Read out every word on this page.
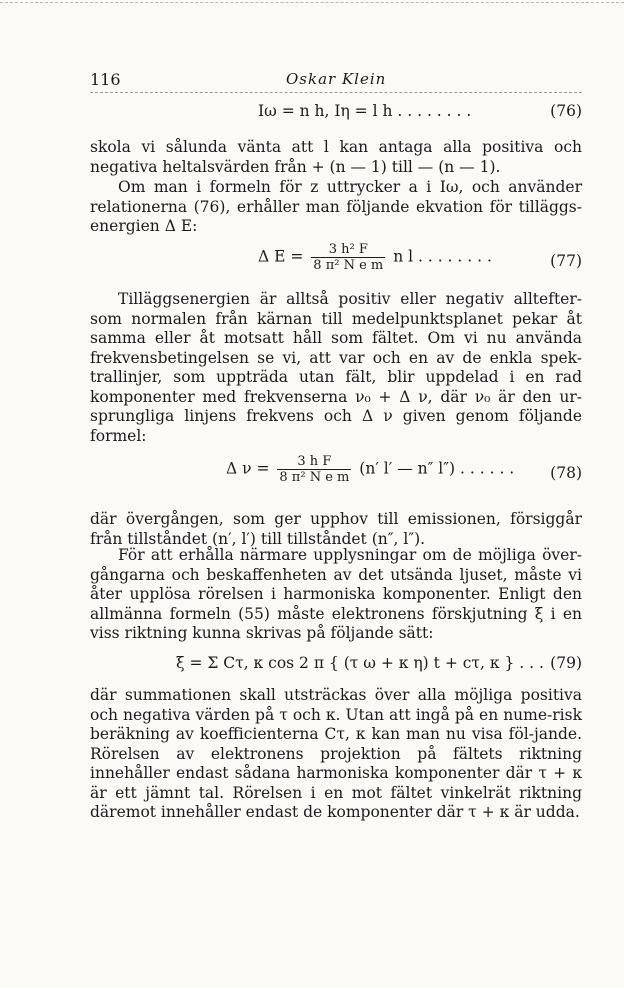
116	Oskar Klein
Iω = n h, Iη = l h . . . . . . . .	(76)
skola vi sålunda vänta att l kan antaga alla positiva och negativa heltalsvärden från + (n — 1) till — (n — 1).
Om man i formeln för z uttrycker a i Iω, och använder relationerna (76), erhåller man följande ekvation för tilläggs-energien Δ E:
Δ $E = \frac{\text{3 h² F}}{\text{8 π² N e m}}$ n l . . . . . . . .	(77)
Tilläggsenergien är alltså positiv eller negativ alltefter-som normalen från kärnan till medelpunktsplanet pekar åt samma eller åt motsatt håll som fältet. Om vi nu använda frekvensbetingelsen se vi, att var och en av de enkla spek-trallinjer, som uppträda utan fält, blir uppdelad i en rad komponenter med frekvenserna ν₀ + Δ ν, där ν₀ är den ur-sprungliga linjens frekvens och Δ ν given genom följande formel:
Δ $\nu = \frac{\text{3 h F}}{\text{8 π² N e m}} (n'$ l′ — n″ l″) . . . . . . (78)
där övergången, som ger upphov till emissionen, försiggår från tillståndet (n′, l′) till tillståndet (n″, l″).
För att erhålla närmare upplysningar om de möjliga över-gångarna och beskaffenheten av det utsända ljuset, måste vi åter upplösa rörelsen i harmoniska komponenter. Enligt den allmänna formeln (55) måste elektronens förskjutning ξ i en viss riktning kunna skrivas på följande sätt:
ξ = Σ Cτ, κ cos 2 π { (τ ω + κ η) t + cτ, κ } . . . (79)
där summationen skall utsträckas över alla möjliga positiva och negativa värden på τ och κ. Utan att ingå på en nume-risk beräkning av koefficienterna Cτ, κ kan man nu visa föl-jande. Rörelsen av elektronens projektion på fältets riktning innehåller endast sådana harmoniska komponenter där τ + κ är ett jämnt tal. Rörelsen i en mot fältet vinkelrät riktning däremot innehåller endast de komponenter där τ + κ är udda.
